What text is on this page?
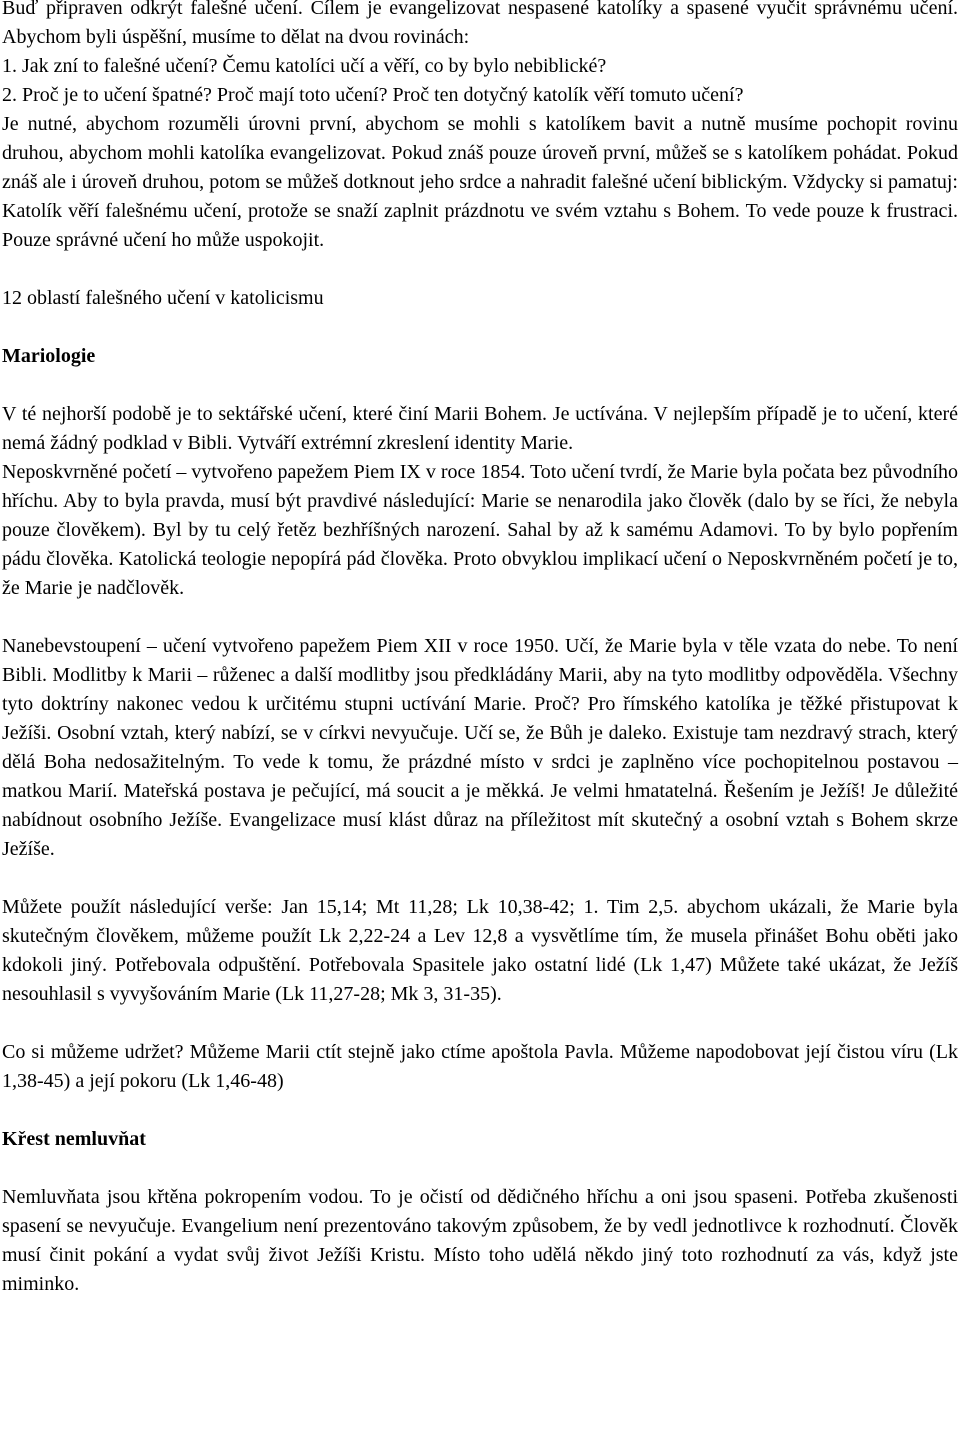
Buď připraven odkrýt falešné učení. Cílem je evangelizovat nespasené katolíky a spasené vyučit správnému učení. Abychom byli úspěšní, musíme to dělat na dvou rovinách:

1. Jak zní to falešné učení? Čemu katolíci učí a věří, co by bylo nebiblické?

2. Proč je to učení špatné? Proč mají toto učení? Proč ten dotyčný katolík věří tomuto učení?

Je nutné, abychom rozuměli úrovni první, abychom se mohli s katolíkem bavit a nutně musíme pochopit rovinu druhou, abychom mohli katolíka evangelizovat. Pokud znáš pouze úroveň první, můžeš se s katolíkem pohádat. Pokud znáš ale i úroveň druhou, potom se můžeš dotknout jeho srdce a nahradit falešné učení biblickým. Vždycky si pamatuj: Katolík věří falešnému učení, protože se snaží zaplnit prázdnotu ve svém vztahu s Bohem. To vede pouze k frustraci. Pouze správné učení ho může uspokojit.

12 oblastí falešného učení v katolicismu

Mariologie

V té nejhorší podobě je to sektářské učení, které činí Marii Bohem. Je uctívána. V nejlepším případě je to učení, které nemá žádný podklad v Bibli. Vytváří extrémní zkreslení identity Marie.

Neposkvrněné početí – vytvořeno papežem Piem IX v roce 1854. Toto učení tvrdí, že Marie byla počata bez původního hříchu. Aby to byla pravda, musí být pravdivé následující: Marie se nenarodila jako člověk (dalo by se říci, že nebyla pouze člověkem). Byl by tu celý řetěz bezhříšných narození. Sahal by až k samému Adamovi. To by bylo popřením pádu člověka. Katolická teologie nepopírá pád člověka. Proto obvyklou implikací učení o Neposkvrněném početí je to, že Marie je nadčlověk.

Nanebevstoupení – učení vytvořeno papežem Piem XII v roce 1950. Učí, že Marie byla v těle vzata do nebe. To není Bibli. Modlitby k Marii – růženec a další modlitby jsou předkládány Marii, aby na tyto modlitby odpověděla. Všechny tyto doktríny nakonec vedou k určitému stupni uctívání Marie. Proč? Pro římského katolíka je těžké přistupovat k Ježíši. Osobní vztah, který nabízí, se v církvi nevyučuje. Učí se, že Bůh je daleko. Existuje tam nezdravý strach, který dělá Boha nedosažitelným. To vede k tomu, že prázdné místo v srdci je zaplněno více pochopitelnou postavou – matkou Marií. Mateřská postava je pečující, má soucit a je měkká. Je velmi hmatatelná. Řešením je Ježíš! Je důležité nabídnout osobního Ježíše. Evangelizace musí klást důraz na příležitost mít skutečný a osobní vztah s Bohem skrze Ježíše.

Můžete použít následující verše: Jan 15,14; Mt 11,28; Lk 10,38-42; 1. Tim 2,5. abychom ukázali, že Marie byla skutečným člověkem, můžeme použít Lk 2,22-24 a Lev 12,8 a vysvětlíme tím, že musela přinášet Bohu oběti jako kdokoli jiný. Potřebovala odpuštění. Potřebovala Spasitele jako ostatní lidé (Lk 1,47) Můžete také ukázat, že Ježíš nesouhlasil s vyvyšováním Marie (Lk 11,27-28; Mk 3, 31-35).

Co si můžeme udržet? Můžeme Marii ctít stejně jako ctíme apoštola Pavla. Můžeme napodobovat její čistou víru (Lk 1,38-45) a její pokoru (Lk 1,46-48)

Křest nemluvňat

Nemluvňata jsou křtěna pokropením vodou. To je očistí od dědičného hříchu a oni jsou spaseni. Potřeba zkušenosti spasení se nevyučuje. Evangelium není prezentováno takovým způsobem, že by vedl jednotlivce k rozhodnutí. Člověk musí činit pokání a vydat svůj život Ježíši Kristu. Místo toho udělá někdo jiný toto rozhodnutí za vás, když jste miminko.
